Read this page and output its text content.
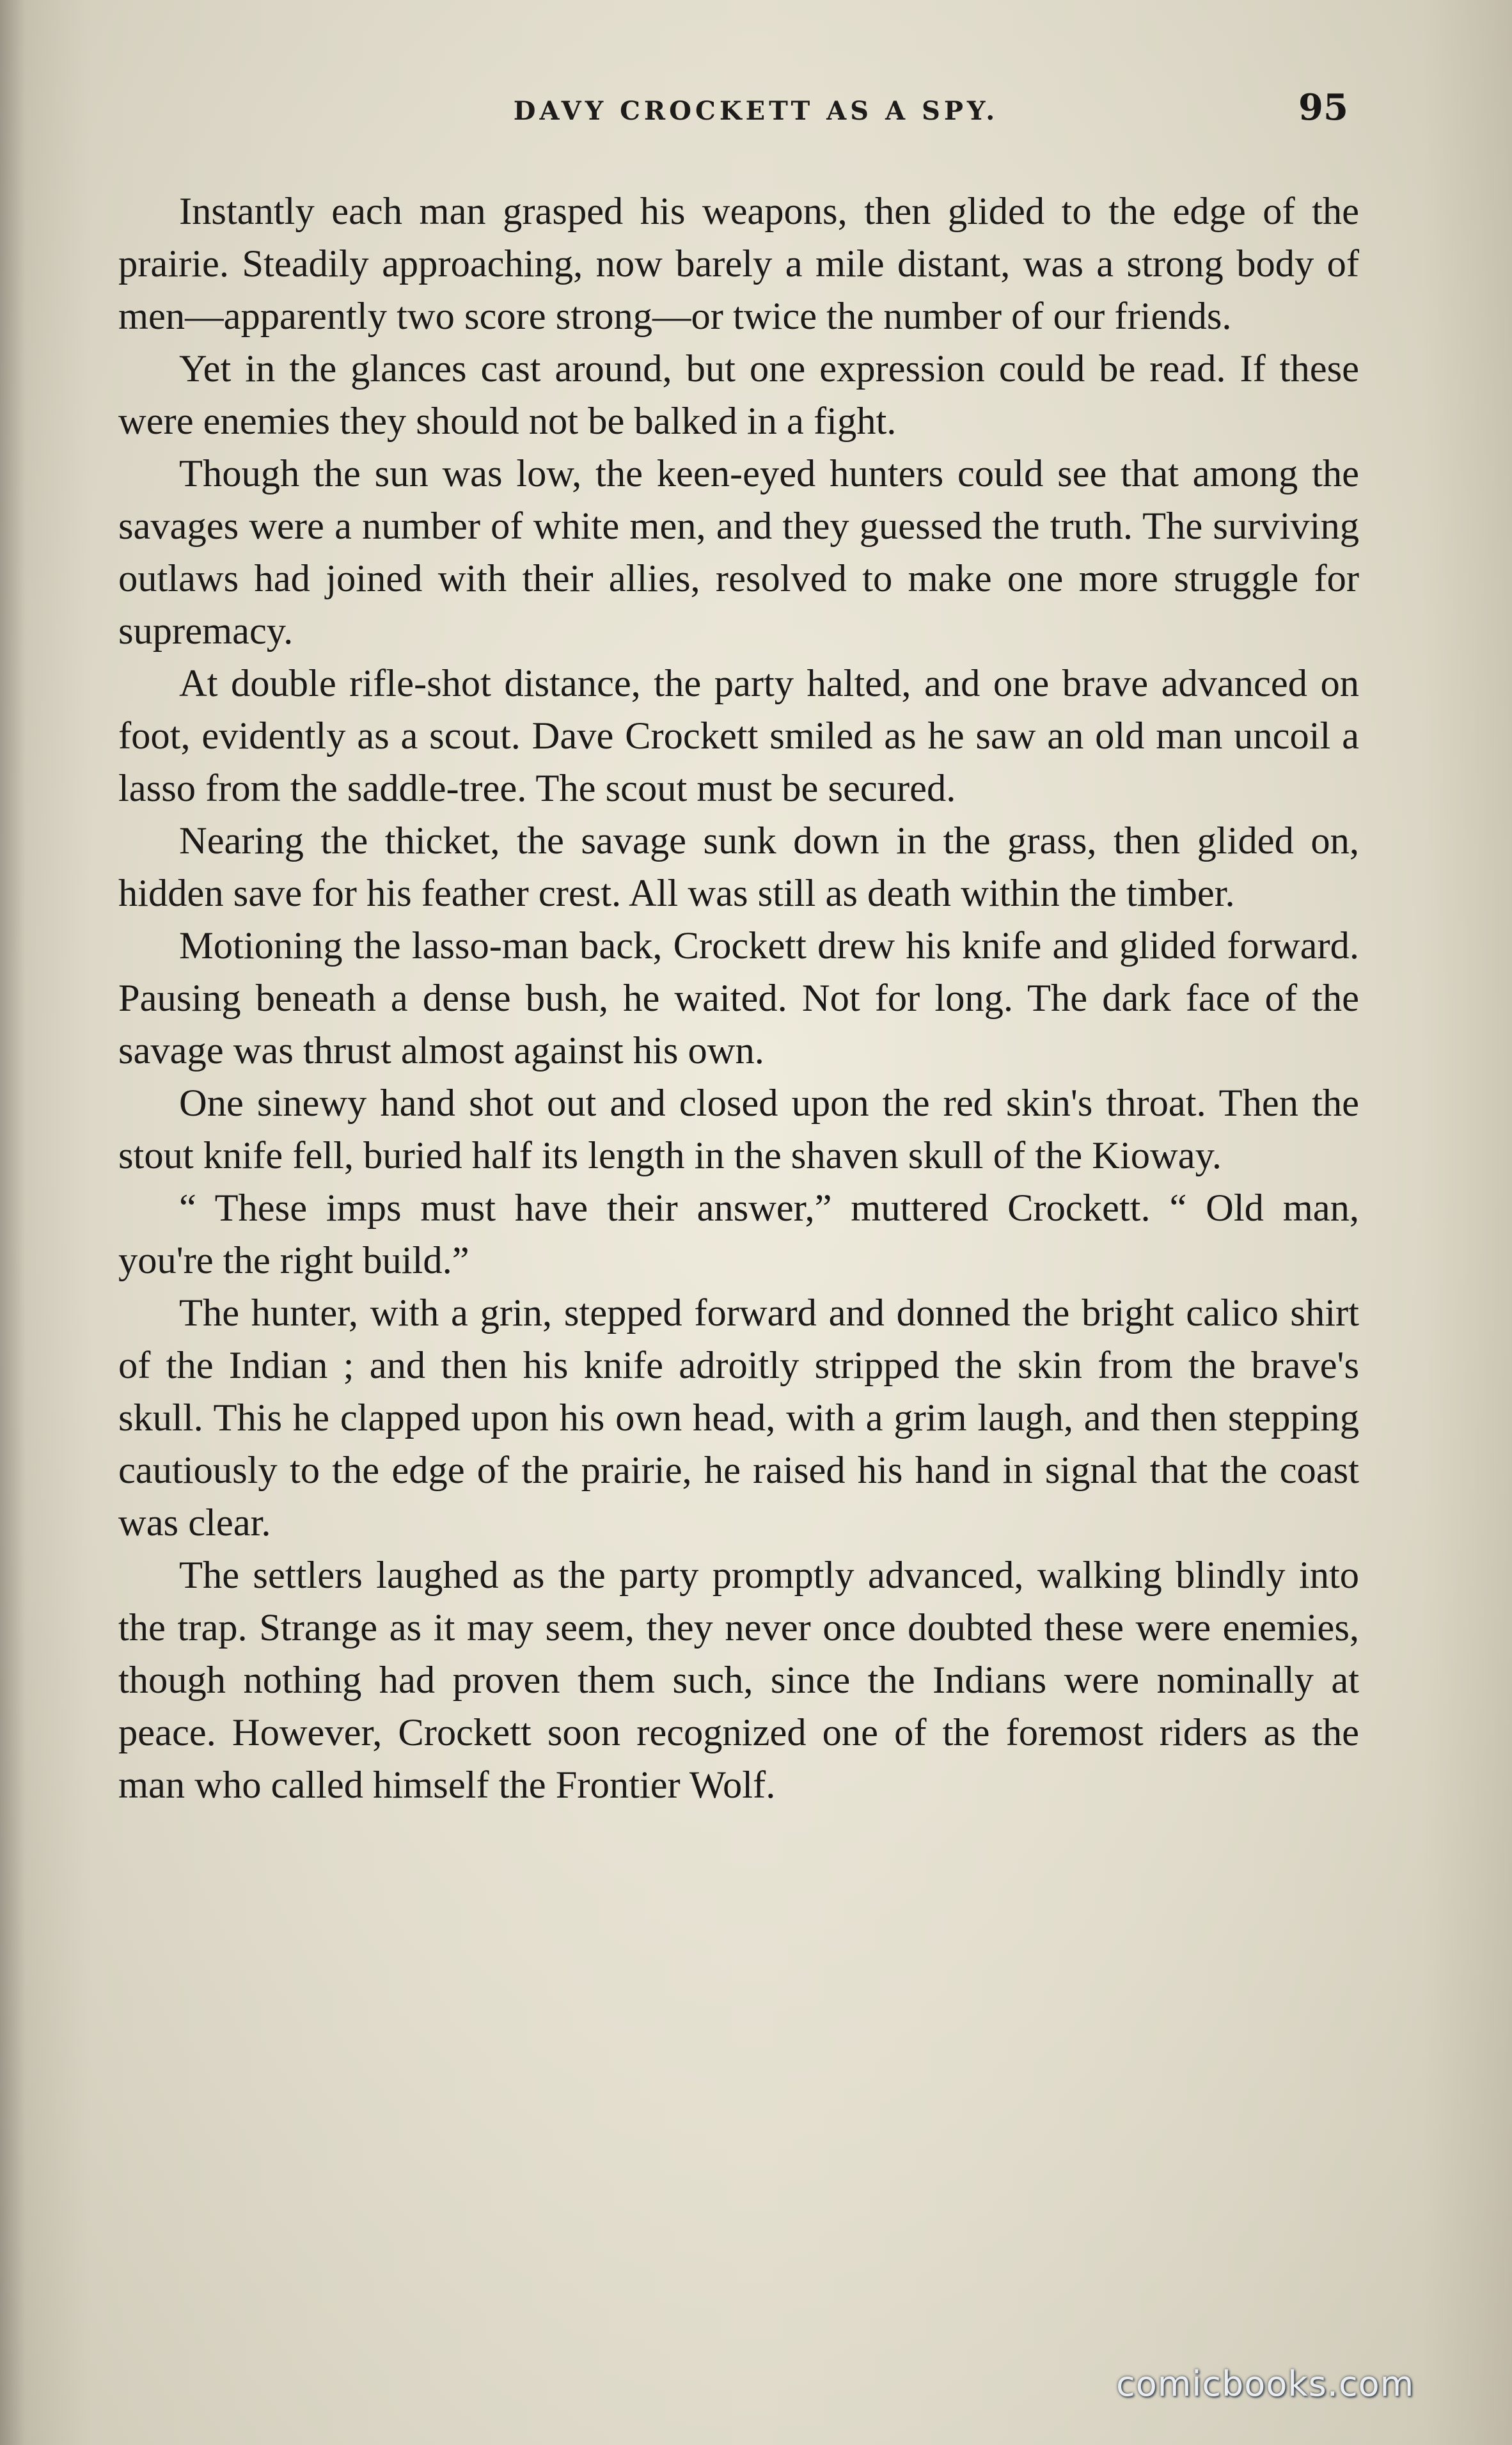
DAVY CROCKETT AS A SPY.	95

Instantly each man grasped his weapons, then glided to the edge of the prairie. Steadily approaching, now barely a mile distant, was a strong body of men—apparently two score strong—or twice the number of our friends.

Yet in the glances cast around, but one expression could be read. If these were enemies they should not be balked in a fight.

Though the sun was low, the keen-eyed hunters could see that among the savages were a number of white men, and they guessed the truth. The surviving outlaws had joined with their allies, resolved to make one more struggle for supremacy.

At double rifle-shot distance, the party halted, and one brave advanced on foot, evidently as a scout. Dave Crockett smiled as he saw an old man uncoil a lasso from the saddle-tree. The scout must be secured.

Nearing the thicket, the savage sunk down in the grass, then glided on, hidden save for his feather crest. All was still as death within the timber.

Motioning the lasso-man back, Crockett drew his knife and glided forward. Pausing beneath a dense bush, he waited. Not for long. The dark face of the savage was thrust almost against his own.

One sinewy hand shot out and closed upon the red skin's throat. Then the stout knife fell, buried half its length in the shaven skull of the Kioway.

“ These imps must have their answer,” muttered Crockett. “ Old man, you're the right build.”

The hunter, with a grin, stepped forward and donned the bright calico shirt of the Indian ; and then his knife adroitly stripped the skin from the brave's skull. This he clapped upon his own head, with a grim laugh, and then stepping cautiously to the edge of the prairie, he raised his hand in signal that the coast was clear.

The settlers laughed as the party promptly advanced, walking blindly into the trap. Strange as it may seem, they never once doubted these were enemies, though nothing had proven them such, since the Indians were nominally at peace. However, Crockett soon recognized one of the foremost riders as the man who called himself the Frontier Wolf.

comicbooks.com
